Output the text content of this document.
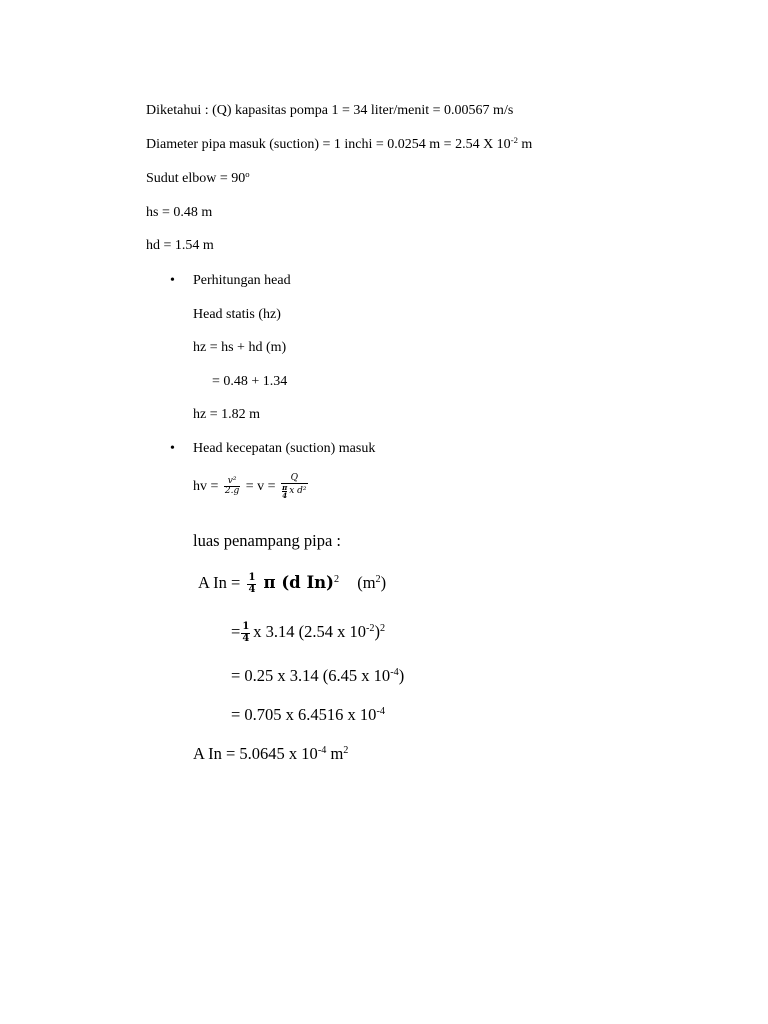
Diketahui : (Q) kapasitas pompa 1 = 34 liter/menit = 0.00567 m/s
Diameter pipa masuk (suction) = 1 inchi = 0.0254 m = 2.54 X $10^{-2}$ m
Sudut elbow = $90^o$
hs = 0.48 m
hd = 1.54 m
• Perhitungan head
Head statis (hz)
hz = hs + hd (m)
= 0.48 + 1.34
hz = 1.82 m
• Head kecepatan (suction) masuk
hv = $\frac{\text{v²}}{2.g} = v = Q$
π
4 x d²
luas penampang pipa :
A $In = \frac{1}{4}$ π (d In)$^2$ $(m^2)$
= $\frac{1}{4}$ x 3.14 (2.54 x $10^{-2})^2$
= 0.25 x 3.14 (6.45 x $10^{-4}$)
= 0.705 x 6.4516 x $10^{-4}$
A In = 5.0645 x $10^{-4}$ $m^2$
